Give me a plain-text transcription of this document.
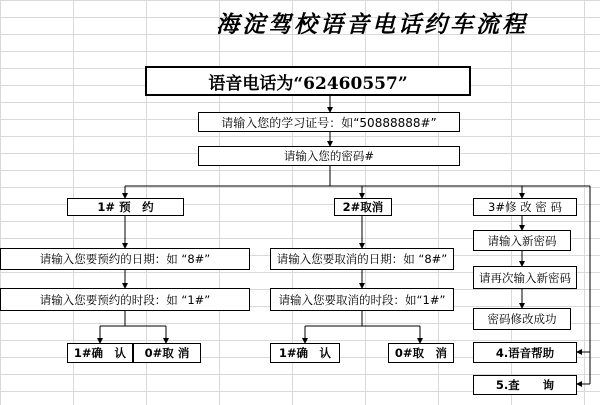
海淀驾校语音电话约车流程
语音电话为“62460557”
请输入您的学习证号：如“50888888#”
请输入您的密码#
1# 预　约	2#取消	3#修 改 密 码
请输入您要预约的日期：如 “8#”
请输入您要预约的时段：如 “1#”
1#确　认	0#取 消
请输入您要取消的日期：如 “8#”
请输入您要取消的时段：如“1#”
1#确　认	0#取　消
请输入新密码
请再次输入新密码
密码修改成功
4.语音帮助
5.查　　询
